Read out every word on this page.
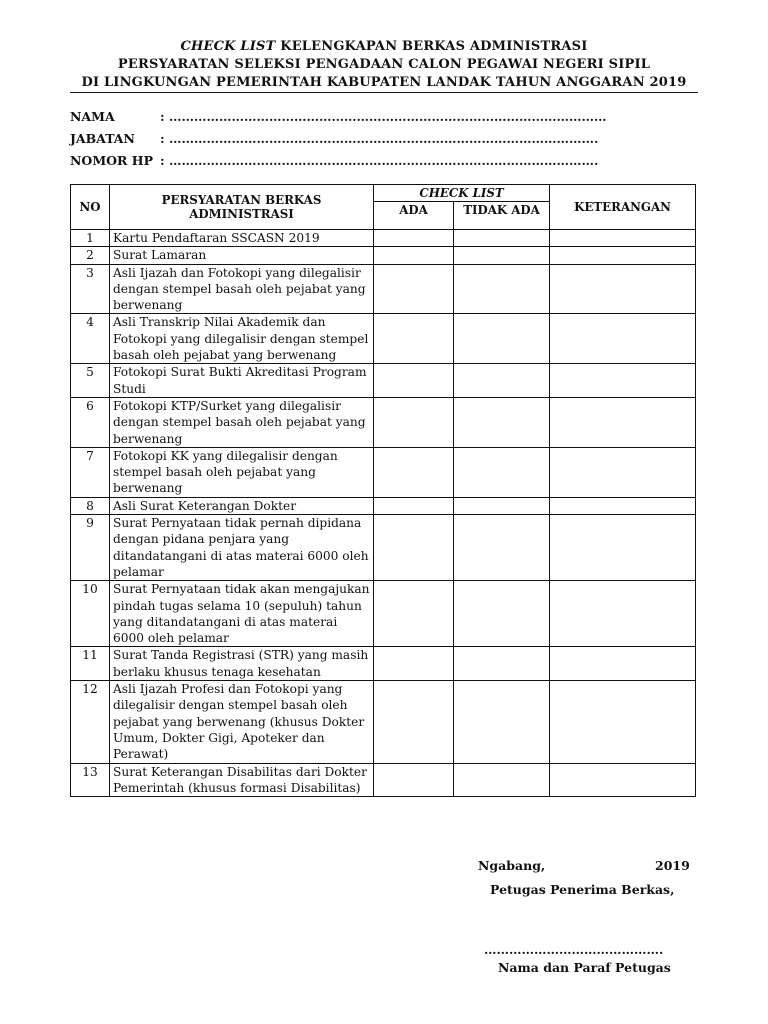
CHECK LIST KELENGKAPAN BERKAS ADMINISTRASI
PERSYARATAN SELEKSI PENGADAAN CALON PEGAWAI NEGERI SIPIL
DI LINGKUNGAN PEMERINTAH KABUPATEN LANDAK TAHUN ANGGARAN 2019
NAMA	: ……………………………………………………………………………………………
JABATAN : ………………………………………………………………………………………….
NOMOR HP : ………………………………………………………………………………………….
NO	PERSYARATAN BERKAS ADMINISTRASI	CHECK LIST		KETERANGAN
		ADA	TIDAK ADA	
1	Kartu Pendaftaran SSCASN 2019			
2	Surat Lamaran			
3	Asli Ijazah dan Fotokopi yang dilegalisir dengan stempel basah oleh pejabat yang berwenang			
4	Asli Transkrip Nilai Akademik dan Fotokopi yang dilegalisir dengan stempel basah oleh pejabat yang berwenang			
5	Fotokopi Surat Bukti Akreditasi Program Studi			
6	Fotokopi KTP/Surket yang dilegalisir dengan stempel basah oleh pejabat yang berwenang			
7	Fotokopi KK yang dilegalisir dengan stempel basah oleh pejabat yang berwenang			
8	Asli Surat Keterangan Dokter			
9	Surat Pernyataan tidak pernah dipidana dengan pidana penjara yang ditandatangani di atas materai 6000 oleh pelamar			
10	Surat Pernyataan tidak akan mengajukan pindah tugas selama 10 (sepuluh) tahun yang ditandatangani di atas materai 6000 oleh pelamar			
11	Surat Tanda Registrasi (STR) yang masih berlaku khusus tenaga kesehatan			
12	Asli Ijazah Profesi dan Fotokopi yang dilegalisir dengan stempel basah oleh pejabat yang berwenang (khusus Dokter Umum, Dokter Gigi, Apoteker dan Perawat)			
13	Surat Keterangan Disabilitas dari Dokter Pemerintah (khusus formasi Disabilitas)			
Ngabang,	2019
Petugas Penerima Berkas,
…………………………………….
Nama dan Paraf Petugas
